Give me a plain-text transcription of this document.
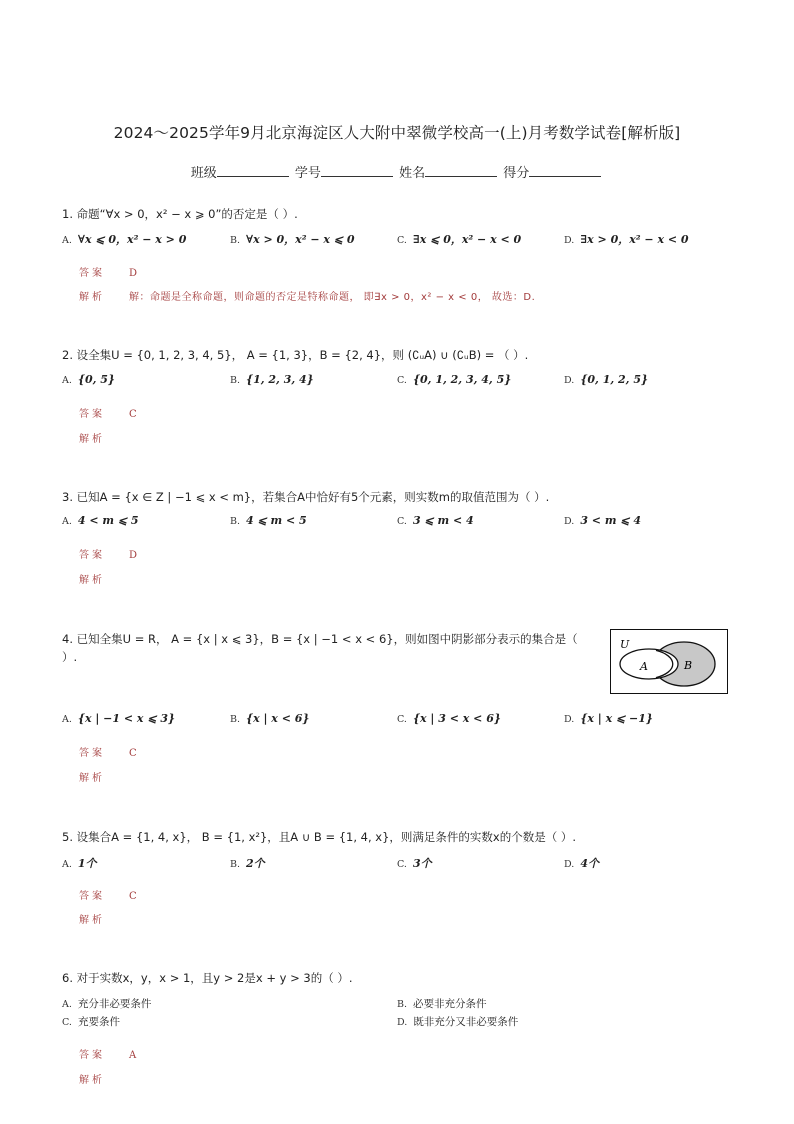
2024～2025学年9月北京海淀区人大附中翠微学校高一(上)月考数学试卷[解析版]
班级	学号	姓名	得分
1. 命题“∀x > 0，x² − x ⩾ 0”的否定是（ ）.
A. ∀x ⩽ 0，x² − x > 0	B. ∀x > 0，x² − x ⩽ 0	C. ∃x ⩽ 0，x² − x < 0	D. ∃x > 0，x² − x < 0
答案 D
解析 解：命题是全称命题，则命题的否定是特称命题， 即∃x > 0，x² − x < 0， 故选：D.
2. 设全集U = {0, 1, 2, 3, 4, 5}， A = {1, 3}，B = {2, 4}，则 (∁ᵤA) ∪ (∁ᵤB) = （ ）.
A. {0, 5}	B. {1, 2, 3, 4}	C. {0, 1, 2, 3, 4, 5}	D. {0, 1, 2, 5}
答案 C
解析
3. 已知A = {x ∈ Z | −1 ⩽ x < m}，若集合A中恰好有5个元素，则实数m的取值范围为（ ）.
A. 4 < m ⩽ 5	B. 4 ⩽ m < 5	C. 3 ⩽ m < 4	D. 3 < m ⩽ 4
答案 D
解析
4. 已知全集U = R， A = {x | x ⩽ 3}，B = {x | −1 < x < 6}，则如图中阴影部分表示的集合是（
）.
U
A	B
A. {x | −1 < x ⩽ 3}	B. {x | x < 6}	C. {x | 3 < x < 6}	D. {x | x ⩽ −1}
答案 C
解析
5. 设集合A = {1, 4, x}， B = {1, x²}，且A ∪ B = {1, 4, x}，则满足条件的实数x的个数是（ ）.
A. 1个	B. 2个	C. 3个	D. 4个
答案 C
解析
6. 对于实数x，y，x > 1，且y > 2是x + y > 3的（ ）.
A. 充分非必要条件	B. 必要非充分条件
C. 充要条件	D. 既非充分又非必要条件
答案 A
解析
